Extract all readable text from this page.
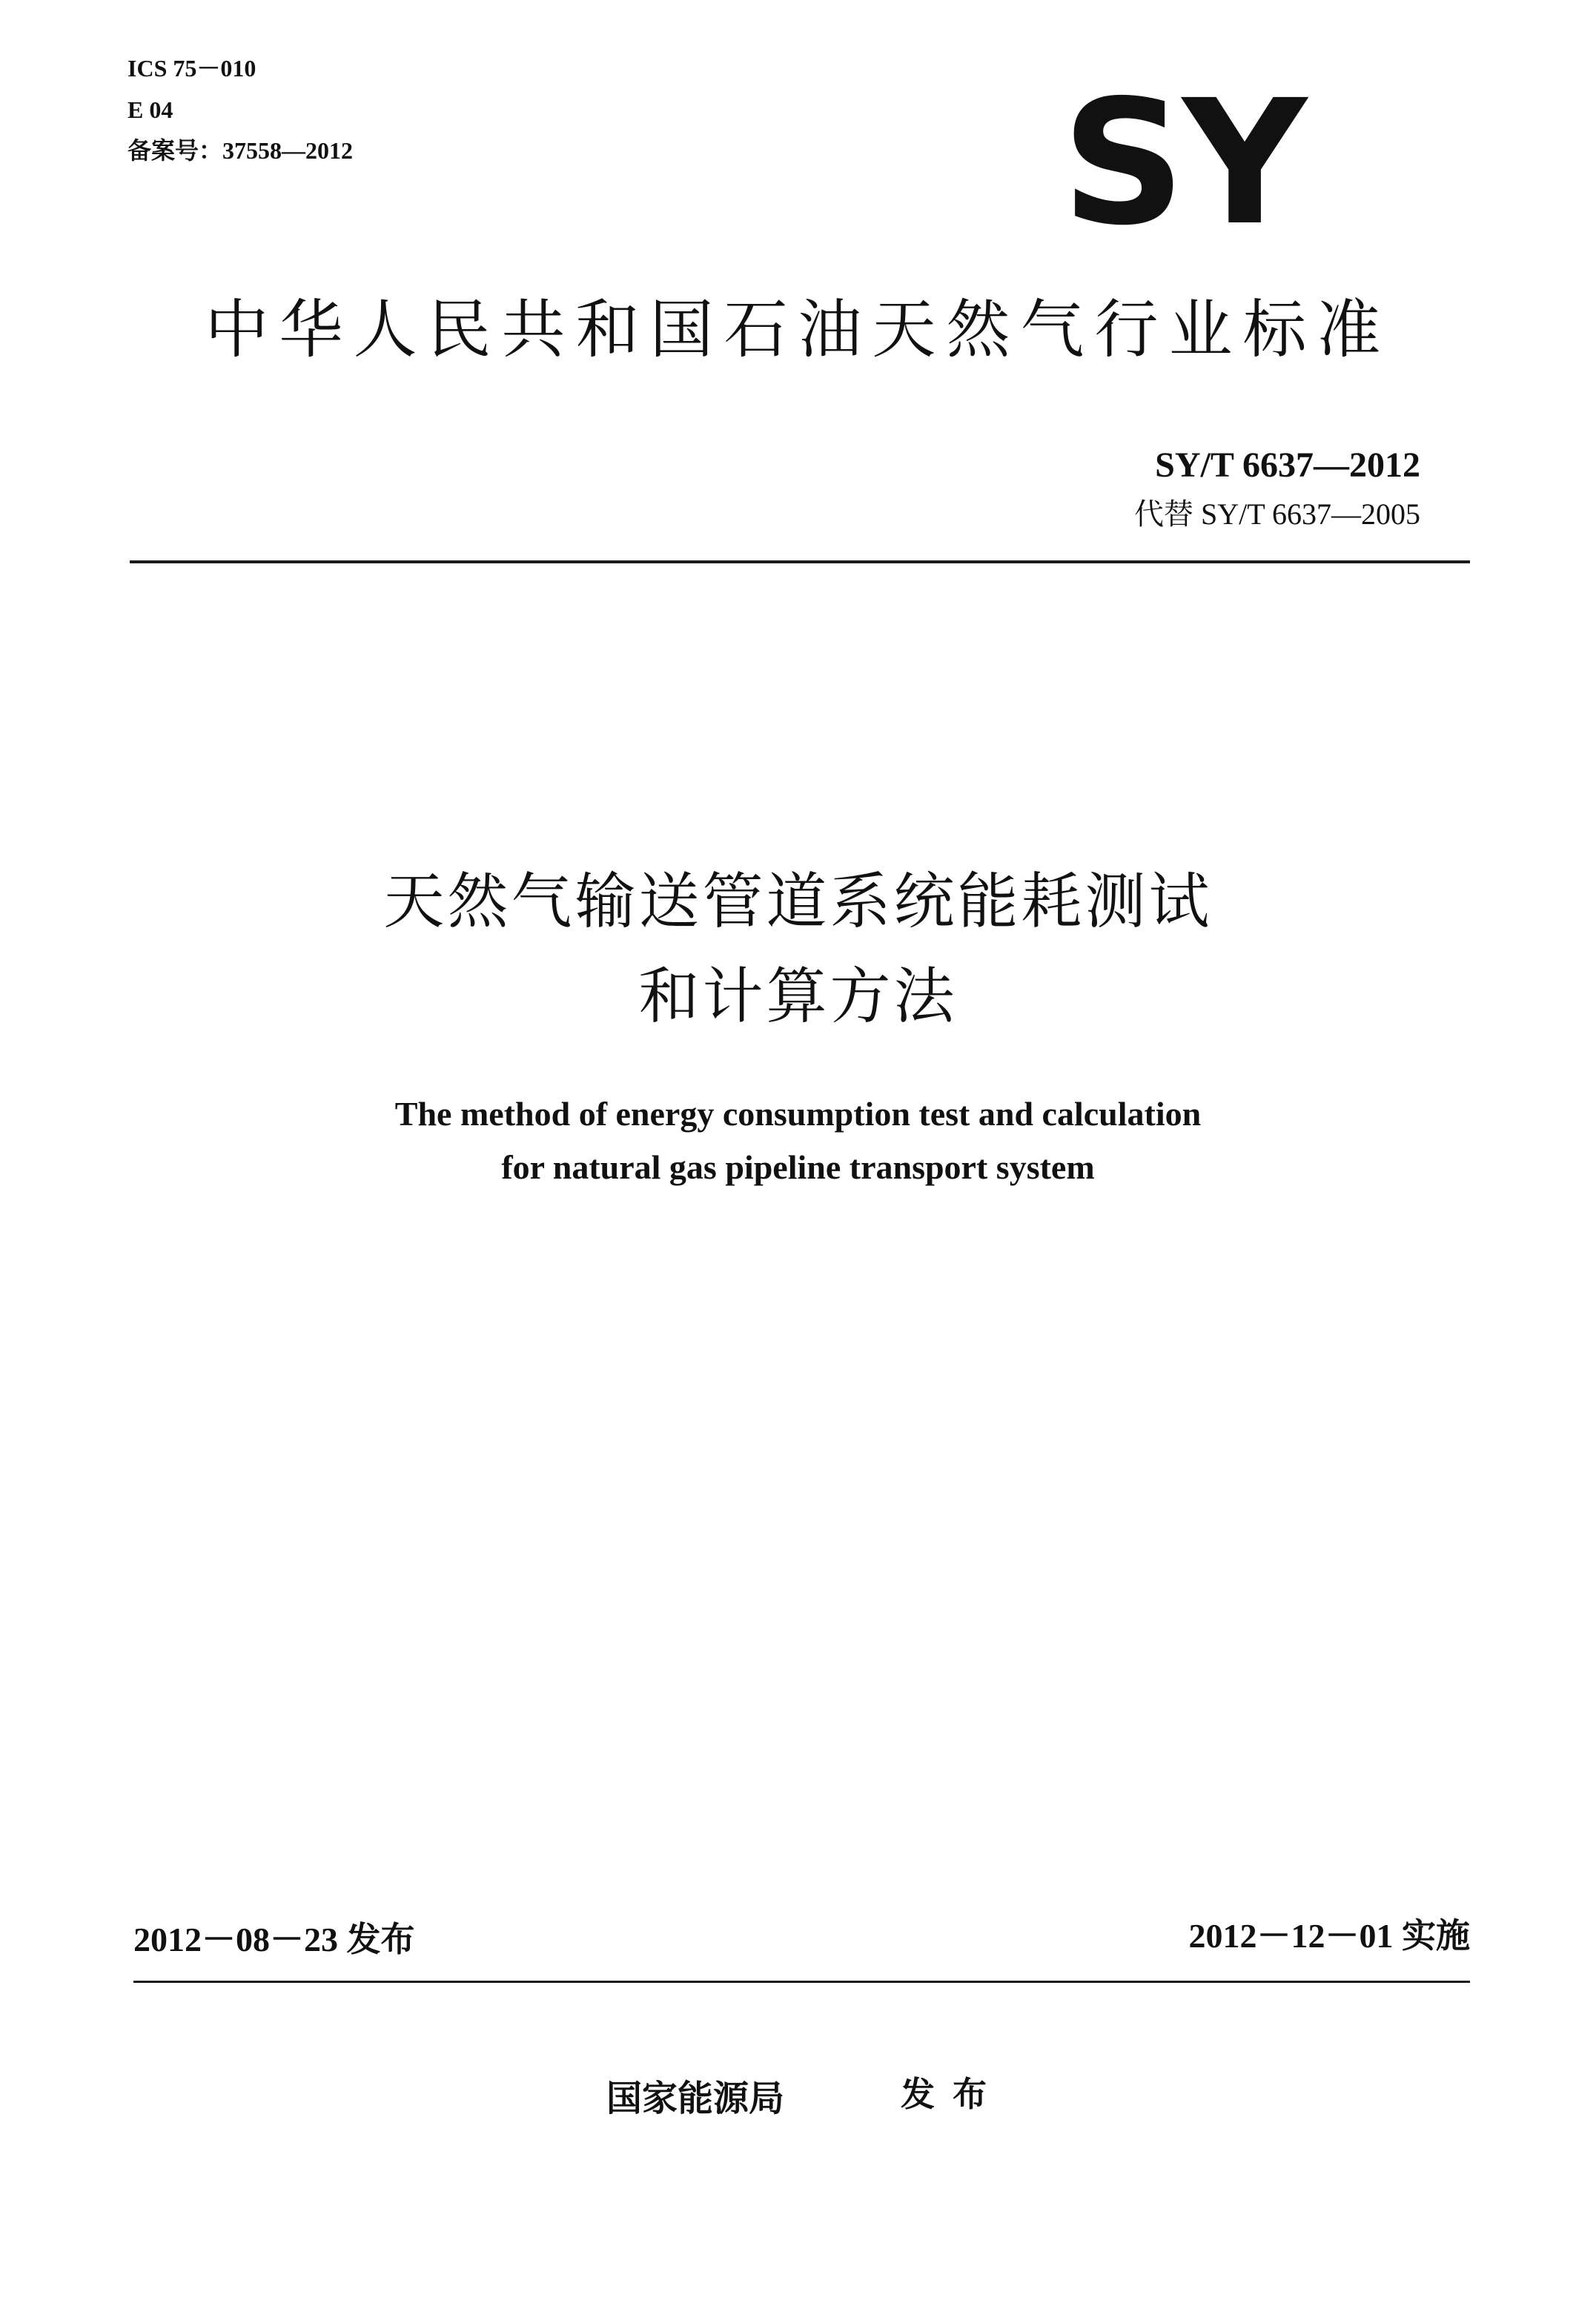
ICS 75－010
E 04
备案号：37558—2012	SY
中华人民共和国石油天然气行业标准
SY/T 6637—2012
代替 SY/T 6637—2005
天然气输送管道系统能耗测试
和计算方法
The method of energy consumption test and calculation
for natural gas pipeline transport system
2012－08－23 发布	2012－12－01 实施
国家能源局	发布
